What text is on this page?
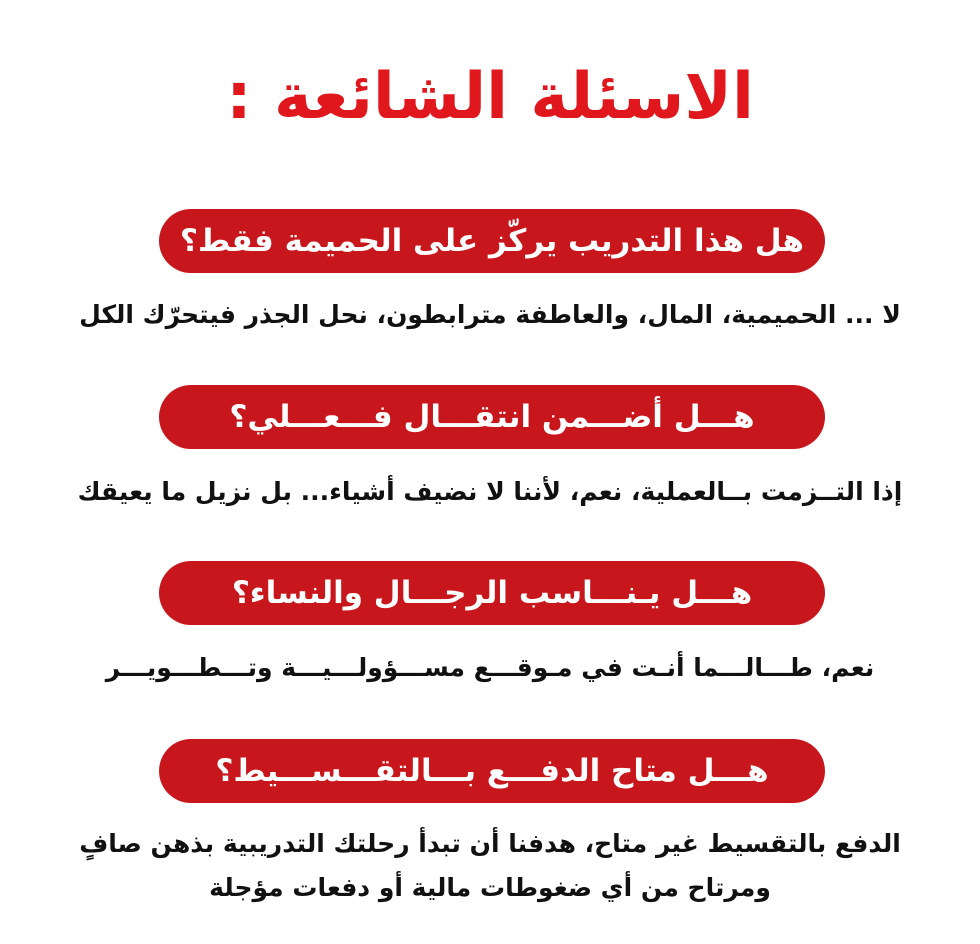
الاسئلة الشائعة :
هل هذا التدريب يركّز على الحميمة فقط؟
لا ... الحميمية، المال، والعاطفة مترابطون، نحل الجذر فيتحرّك الكل
هـــل أضـــمن انتقـــال فـــعـــلي؟
إذا التــزمت بــالعملية، نعم، لأننا لا نضيف أشياء... بل نزيل ما يعيقك
هـــل يـنـــاسب الرجـــال والنساء؟
نعم، طـــالـــما أنـت في مـوقـــع مســـؤولـــيـــة وتـــطـــويـــر
هـــل متاح الدفـــع بـــالتقـــســـيط؟
الدفع بالتقسيط غير متاح، هدفنا أن تبدأ رحلتك التدريبية بذهن صافٍ
ومرتاح من أي ضغوطات مالية أو دفعات مؤجلة
